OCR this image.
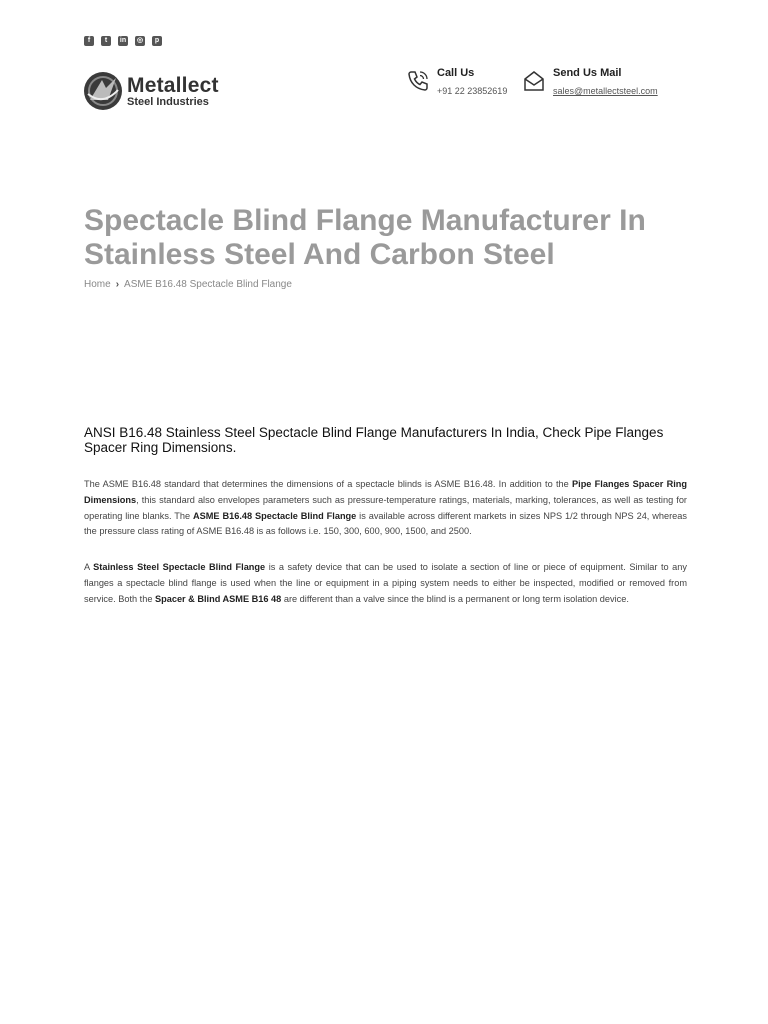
f	t	in ◎	p
Metallect
Steel Industries
Call Us
+91 22 23852619
Send Us Mail
sales@metallectsteel.com
Spectacle Blind Flange Manufacturer In Stainless Steel And Carbon Steel
Home › ASME B16.48 Spectacle Blind Flange
ANSI B16.48 Stainless Steel Spectacle Blind Flange Manufacturers In India, Check Pipe Flanges Spacer Ring Dimensions.

The ASME B16.48 standard that determines the dimensions of a spectacle blinds is ASME B16.48. In addition to the Pipe Flanges Spacer Ring Dimensions, this standard also envelopes parameters such as pressure-temperature ratings, materials, marking, tolerances, as well as testing for operating line blanks. The ASME B16.48 Spectacle Blind Flange is available across different markets in sizes NPS 1/2 through NPS 24, whereas the pressure class rating of ASME B16.48 is as follows i.e. 150, 300, 600, 900, 1500, and 2500.

A Stainless Steel Spectacle Blind Flange is a safety device that can be used to isolate a section of line or piece of equipment. Similar to any flanges a spectacle blind flange is used when the line or equipment in a piping system needs to either be inspected, modified or removed from service. Both the Spacer & Blind ASME B16 48 are different than a valve since the blind is a permanent or long term isolation device.
